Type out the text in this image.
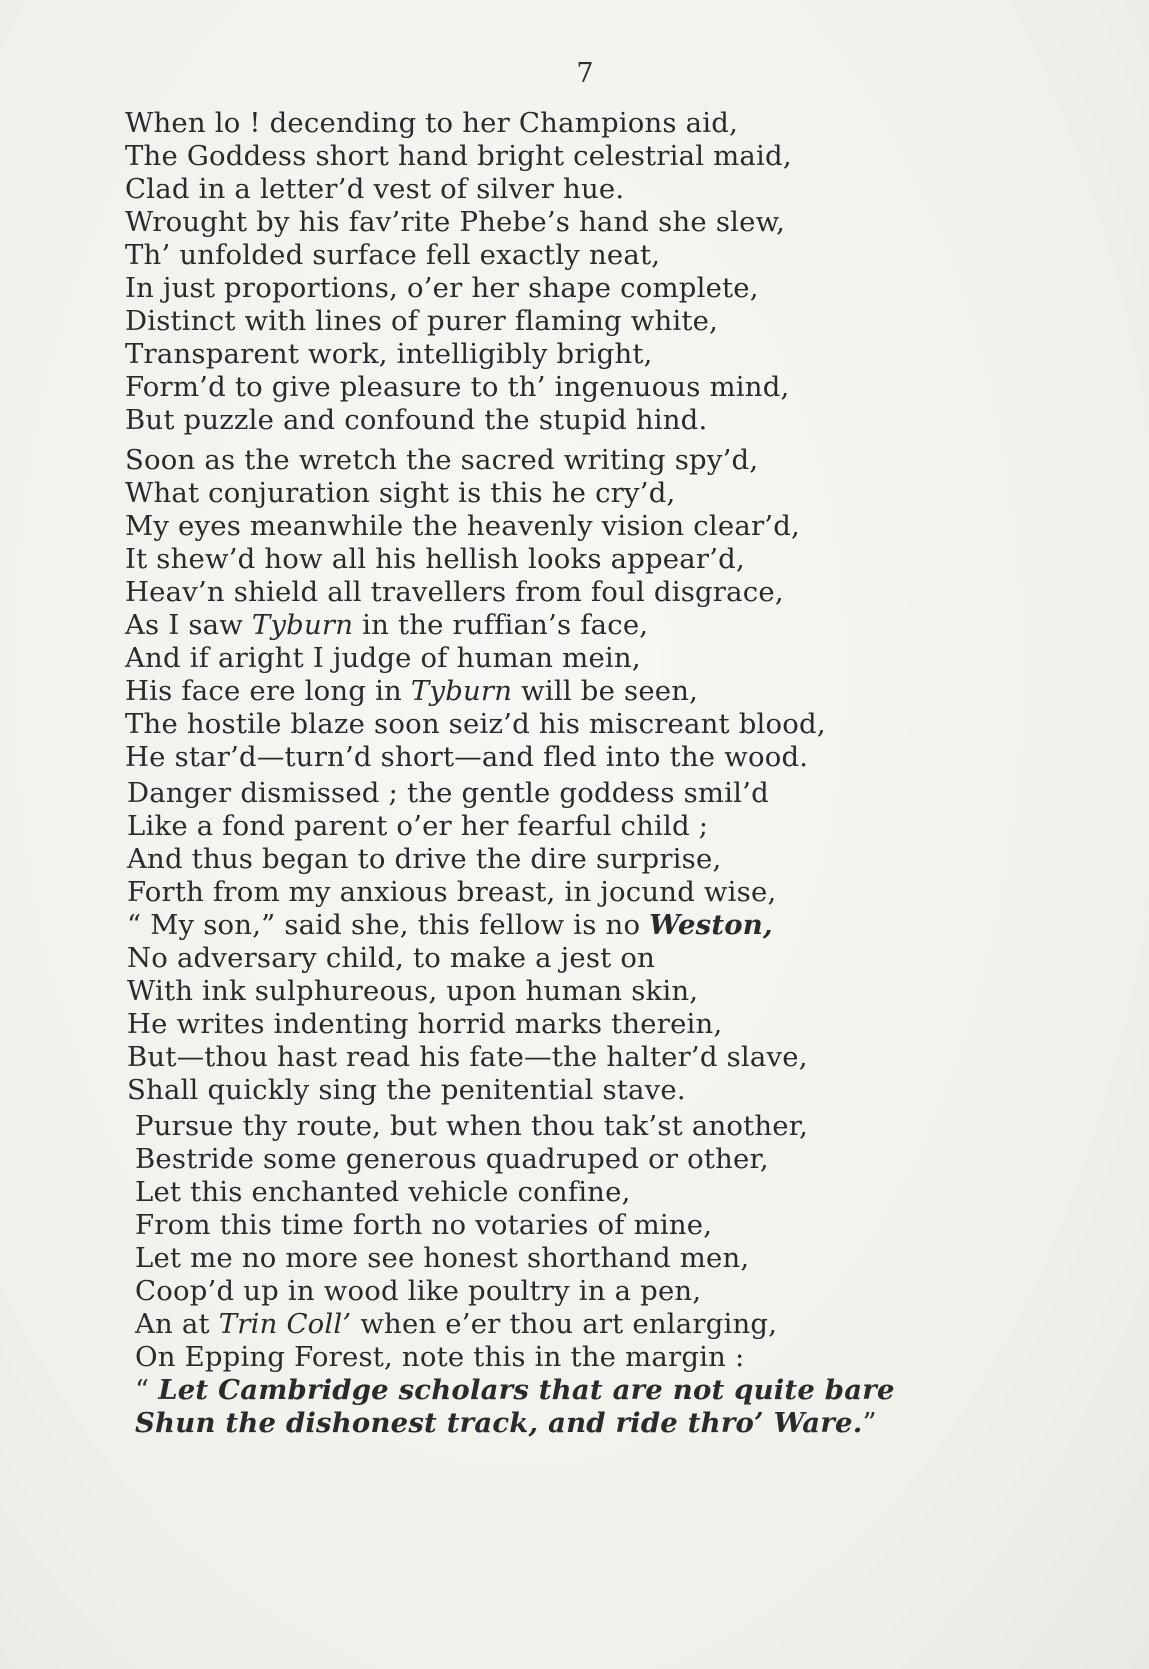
7
When lo ! decending to her Champions aid,
The Goddess short hand bright celestrial maid,
Clad in a letter’d vest of silver hue.
Wrought by his fav’rite Phebe’s hand she slew,
Th’ unfolded surface fell exactly neat,
In just proportions, o’er her shape complete,
Distinct with lines of purer flaming white,
Transparent work, intelligibly bright,
Form’d to give pleasure to th’ ingenuous mind,
But puzzle and confound the stupid hind.
Soon as the wretch the sacred writing spy’d,
What conjuration sight is this he cry’d,
My eyes meanwhile the heavenly vision clear’d,
It shew’d how all his hellish looks appear’d,
Heav’n shield all travellers from foul disgrace,
As I saw Tyburn in the ruffian’s face,
And if aright I judge of human mein,
His face ere long in Tyburn will be seen,
The hostile blaze soon seiz’d his miscreant blood,
He star’d—turn’d short—and fled into the wood.
Danger dismissed ; the gentle goddess smil’d
Like a fond parent o’er her fearful child ;
And thus began to drive the dire surprise,
Forth from my anxious breast, in jocund wise,
“ My son,” said she, this fellow is no Weston,
No adversary child, to make a jest on
With ink sulphureous, upon human skin,
He writes indenting horrid marks therein,
But—thou hast read his fate—the halter’d slave,
Shall quickly sing the penitential stave.
Pursue thy route, but when thou tak’st another,
Bestride some generous quadruped or other,
Let this enchanted vehicle confine,
From this time forth no votaries of mine,
Let me no more see honest shorthand men,
Coop’d up in wood like poultry in a pen,
An at Trin Coll’ when e’er thou art enlarging,
On Epping Forest, note this in the margin :
“ Let Cambridge scholars that are not quite bare
Shun the dishonest track, and ride thro’ Ware.”
